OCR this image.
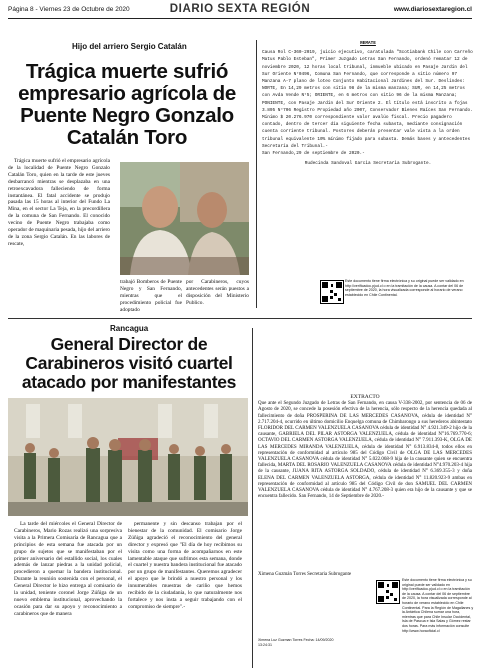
Página 8 - Viernes 23 de Octubre de 2020	DIARIO SEXTA REGIÓN	www.diariosextaregion.cl
Hijo del arriero Sergio Catalán
Trágica muerte sufrió empresario agrícola de Puente Negro Gonzalo Catalán Toro

Trágica muerte sufrió el empresario agrícola de la localidad de Puente Negro Gonzalo Catalán Toro, quien en la tarde de este jueves desbarrancó mientras se desplazaba en una retroexcavadora falleciendo de forma instantánea. El fatal accidente se produjo pasada las 15 horas al interior del Fundo La Mina, en el sector La Teja, en la precordillera de la comuna de San Fernando. El conocido vecino de Puente Negro trabajaba como operador de maquinaria pesada, hijo del arriero de la zona Sergio Catalán. En las labores de rescate,

trabajó Bomberos de Puente Negro y San Fernando, mientras que el procedimiento policial fue adoptado
por Carabineros, cuyos antecedentes serán puestos a disposición del Ministerio Publico.
REMATE
Causa Rol C-360-2019, juicio ejecutivo, caratulada "Scotiabank Chile con Carreño Matus Pablo Esteban", Primer Juzgado Letras San Fernando, ordenó rematar 12 de noviembre 2020, 12 horas local tribunal, inmueble ubicado en Pasaje Jardín del Sur Oriente N°0496, Comuna San Fernando, que corresponde a sitio número 97 Manzana A-7 plano de loteo Conjunto Habitacional Jardines del Sur. Deslindes: NORTE, En 14,29 metros con sitio 98 de la misma manzana; SUR, en 14,25 metros con Avda Vende N°5; ORIENTE, en 6 metros con sitio 96 de la misma Manzana; PONIENTE, con Pasaje Jardín del Sur Oriente 2. El título está inscrito a fojas 3.895 N°706 Registro Propiedad año 2007, Conservador Bienes Raíces San Fernando. Mínimo $ 20.276.970 correspondiente valor avalúo fiscal. Precio pagadero contado, dentro de tercer día siguiente fecha subasta, mediante consignación cuenta corriente tribunal. Postores deberán presentar vale vista a la orden tribunal equivalente 10% mínimo fijado para subasta. Demás bases y antecedentes Secretaría del Tribunal.-
San Fernando,29 de septiembre de 2020.-
Rudecinda Sandoval Garcia Secretaria Subrogante.
Este documento tiene firma electrónica y su original puede ser validado en http://verificadoc.pjud.cl o en la tramitación de la causa. A contar del 06 de septiembre de 2020, la hora visualizada corresponde al horario de verano establecido en Chile Continental.
Rancagua
General Director de Carabineros visitó cuartel atacado por manifestantes

La tarde del miércoles el General Director de Carabineros, Mario Rozas realizó una sorpresiva visita a la Primera Comisaría de Rancagua que a principios de esta semana fue atacada por un grupo de sujetos que se manifestaban por el primer aniversario del estallido social, los cuales además de lanzar piedras a la unidad policial, procedieron a quemar la bandera institucional. Durante la reunión sostenida con el personal, el General Director le hizo entrega al comisario de la unidad, teniente coronel Jorge Zúñiga de un nuevo emblema institucional, aprovechando la ocasión para dar su apoyo y reconocimiento a carabineros que de manera

permanente y sin descanso trabajan por el bienestar de la comunidad. El comisario Jorge Zúñiga agradeció el reconocimiento del general director y expresó que "El día de hoy recibimos su visita como una forma de acompañarnos en este lamentable ataque que sufrimos esta semana, donde el cuartel y nuestra bandera institucional fue atacado por un grupo de manifestantes. Queremos agradecer el apoyo que le brindó a nuestro personal y los innumerables muestras de cariño que hemos recibido de la ciudadanía, lo que naturalmente nos fortalece y nos insta a seguir trabajando con el compromiso de siempre".-

EXTRACTO
Que ante el Segundo Juzgado de Letras de San Fernando, en causa V-338-2002, por sentencia de 06 de Agosto de 2020, se concede la posesión efectiva de la herencia, sólo respecto de la herencia quedada al fallecimiento de doña PROSPERINA DE LAS MERCEDES CASANOVA, cédula de identidad N° 2.717.204-4, ocurrido en último domicilio Enquelga comuna de Chimbarongo a sus herederos abintestato FLORIDOR DEL CARMEN VALENZUELA CASANOVA cédula de identidad N° 4.921.349-2 hijo de la causante, GABRIELA DEL PILAR ASTORGA VALENZUELA, cédula de identidad N°16.769.770-6; OCTAVIO DEL CARMEN ASTORGA VALENZUELA, cédula de identidad N° 7.911.393-K, OLGA DE LAS MERCEDES MIRANDA VALENZUELA, cédula de identidad N° 6.913.834-8, todos ellos en representación de conformidad al artículo 985 del Código Civil de OLGA DE LAS MERCEDES VALENZUELA CASANOVA cédula de identidad N° 5.022.068-9 hija de la causante quien se encuentra fallecida, MARTA DEL ROSARIO VALENZUELA CASANOVA cédula de identidad N°4.970.203-4 hija de la causante, JUANA RITA ASTORGA SOLDADO, cédula de identidad N° 6.369.355-3 y doña ELENA DEL CARMEN VALENZUELA ASTORGA, cédula de identidad N° 11.820.923-9 ambas en representación de conformidad al artículo 985 del Código Civil de don SAMUEL DEL CARMEN VALENZUELA CASANOVA cédula de identidad N° 4.767.208-3 quien era hijo de la causante y que se encuentra fallecido. San Fernando, 14 de Septiembre de 2020.-
Ximena Guzmán Torres Secretaria Subrogante
Ximena Luz Guzman Torres Fecha: 14/09/2020 13:24:31
Este documento tiene firma electrónica y su original puede ser validado en http://verificadoc.pjud.cl o en la tramitación de la causa. A contar del 06 de septiembre de 2020, la hora visualizada corresponde al horario de verano establecido en Chile Continental. Para la Región de Magallanes y la Antártica Chilena sumar una hora, mientras que para Chile Insular Occidental, Isla de Pascua e Isla Salas y Gómez restar dos horas. Para más información consulte http://www.horaoficial.cl
